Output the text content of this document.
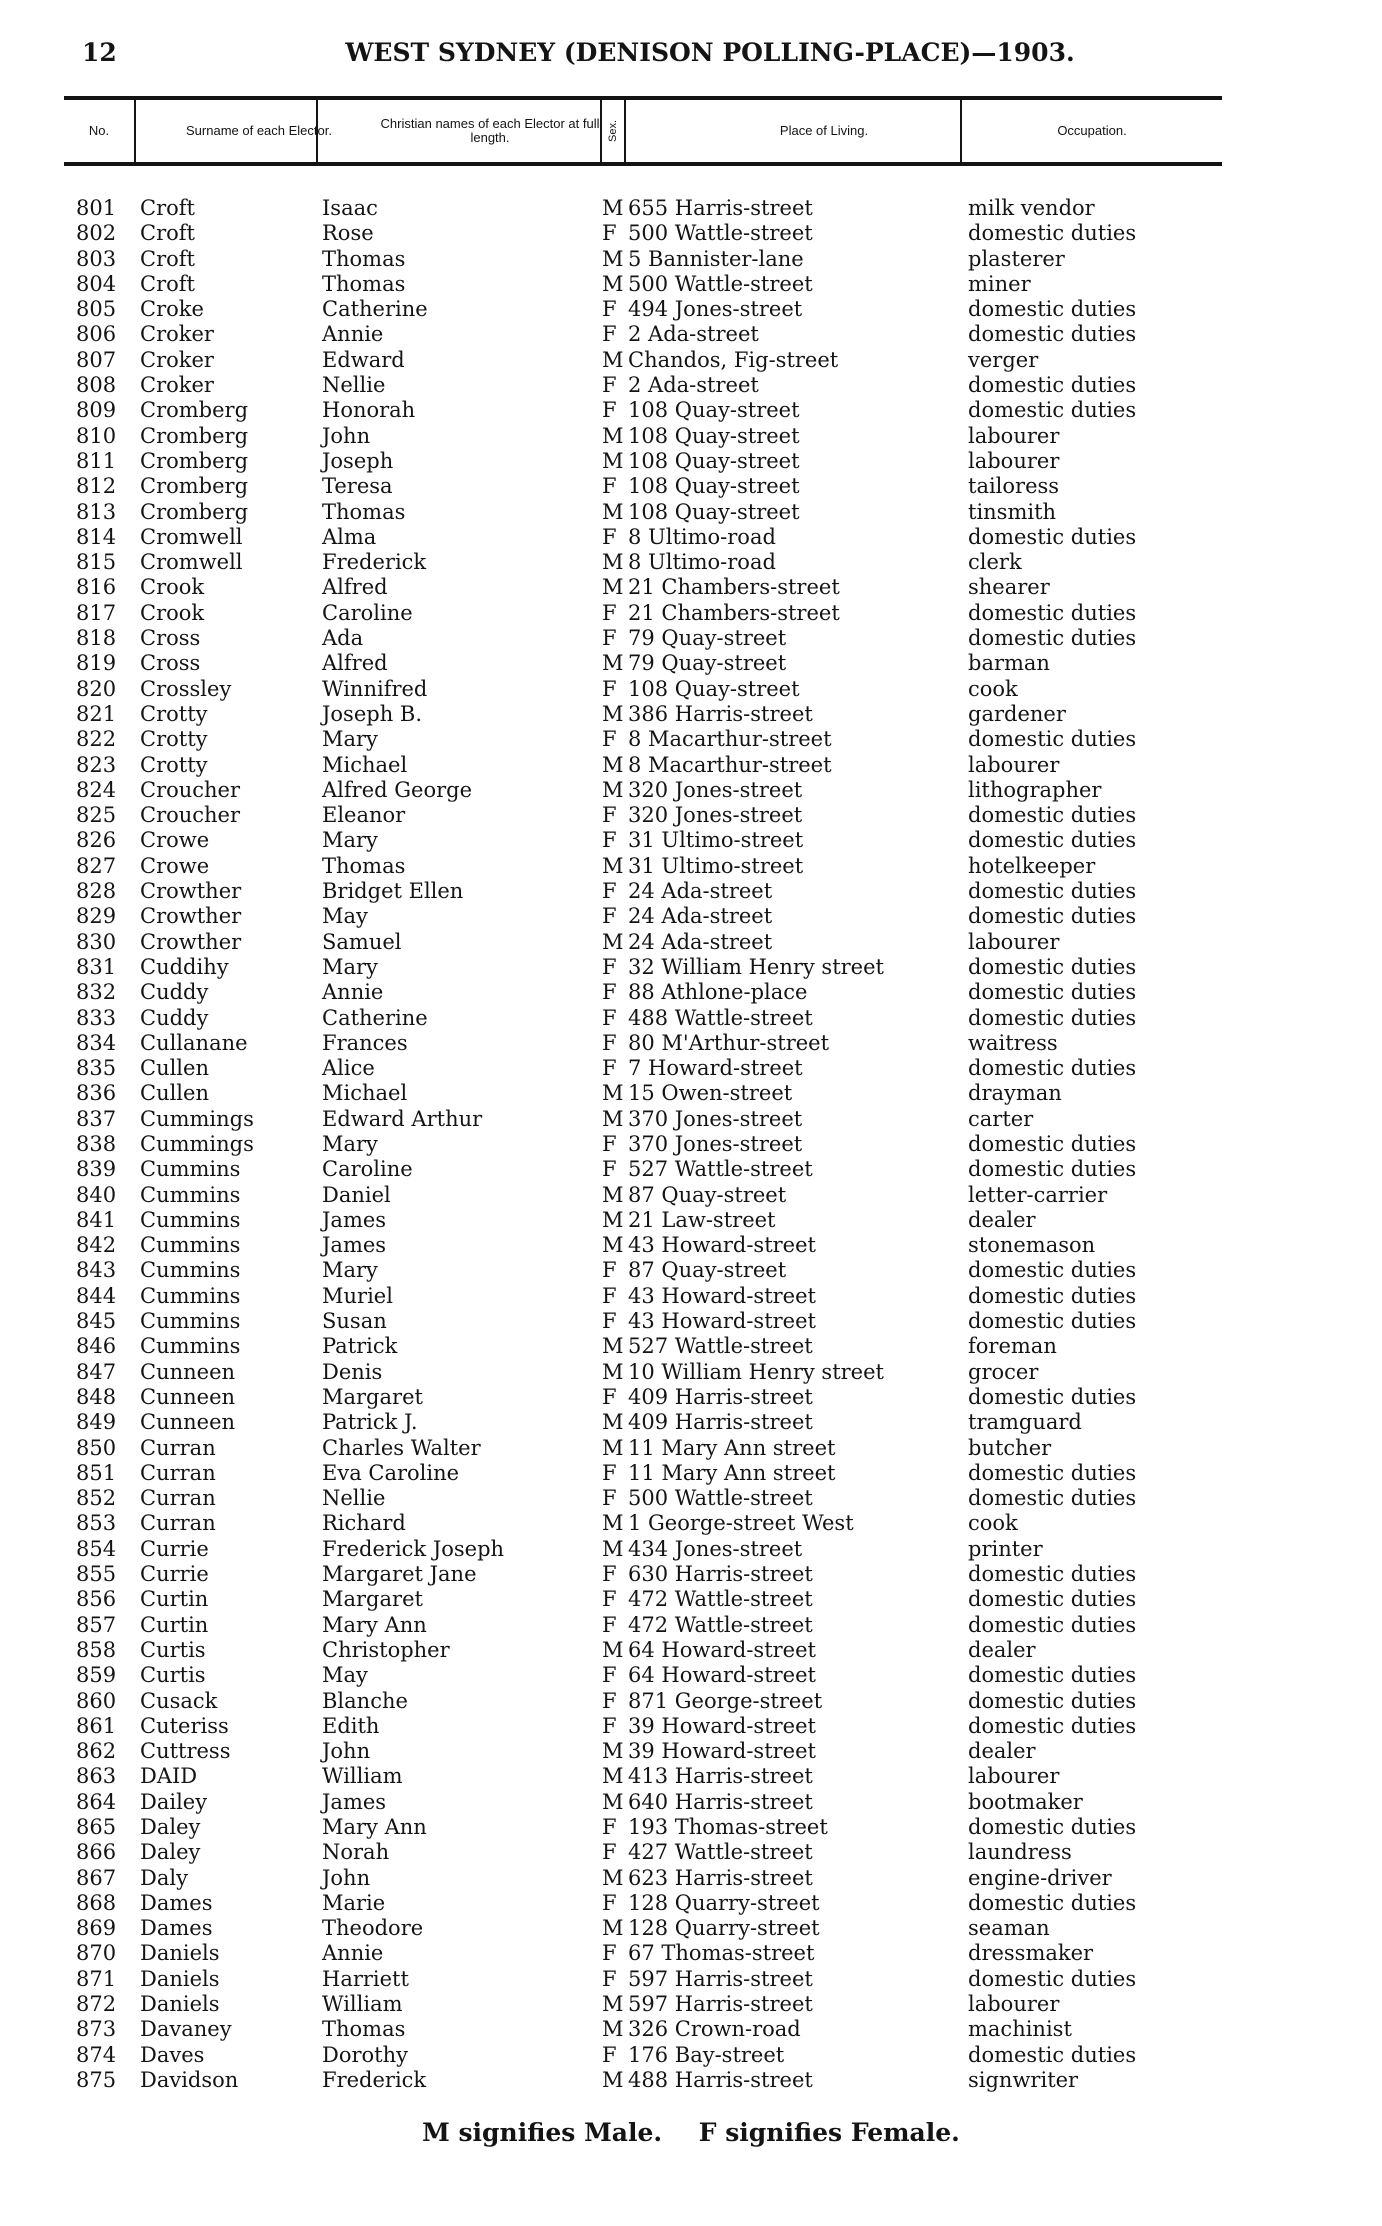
12	WEST SYDNEY (DENISON POLLING-PLACE)—1903.
No.	Surname of each Elector.	Christian names of each Elector at full length.	Sex.	Place of Living.	Occupation.
801 Croft	Isaac	M 655 Harris-street	milk vendor
802 Croft	Rose	F 500 Wattle-street	domestic duties
803 Croft	Thomas	M 5 Bannister-lane	plasterer
804 Croft	Thomas	M 500 Wattle-street	miner
805 Croke	Catherine	F 494 Jones-street	domestic duties
806 Croker	Annie	F 2 Ada-street	domestic duties
807 Croker	Edward	M Chandos, Fig-street	verger
808 Croker	Nellie	F 2 Ada-street	domestic duties
809 Cromberg	Honorah	F 108 Quay-street	domestic duties
810 Cromberg	John	M 108 Quay-street	labourer
811 Cromberg	Joseph	M 108 Quay-street	labourer
812 Cromberg	Teresa	F 108 Quay-street	tailoress
813 Cromberg	Thomas	M 108 Quay-street	tinsmith
814 Cromwell	Alma	F 8 Ultimo-road	domestic duties
815 Cromwell	Frederick	M 8 Ultimo-road	clerk
816 Crook	Alfred	M 21 Chambers-street	shearer
817 Crook	Caroline	F 21 Chambers-street	domestic duties
818 Cross	Ada	F 79 Quay-street	domestic duties
819 Cross	Alfred	M 79 Quay-street	barman
820 Crossley	Winnifred	F 108 Quay-street	cook
821 Crotty	Joseph B.	M 386 Harris-street	gardener
822 Crotty	Mary	F 8 Macarthur-street	domestic duties
823 Crotty	Michael	M 8 Macarthur-street	labourer
824 Croucher	Alfred George	M 320 Jones-street	lithographer
825 Croucher	Eleanor	F 320 Jones-street	domestic duties
826 Crowe	Mary	F 31 Ultimo-street	domestic duties
827 Crowe	Thomas	M 31 Ultimo-street	hotelkeeper
828 Crowther	Bridget Ellen	F 24 Ada-street	domestic duties
829 Crowther	May	F 24 Ada-street	domestic duties
830 Crowther	Samuel	M 24 Ada-street	labourer
831 Cuddihy	Mary	F 32 William Henry street	domestic duties
832 Cuddy	Annie	F 88 Athlone-place	domestic duties
833 Cuddy	Catherine	F 488 Wattle-street	domestic duties
834 Cullanane	Frances	F 80 M'Arthur-street	waitress
835 Cullen	Alice	F 7 Howard-street	domestic duties
836 Cullen	Michael	M 15 Owen-street	drayman
837 Cummings	Edward Arthur	M 370 Jones-street	carter
838 Cummings	Mary	F 370 Jones-street	domestic duties
839 Cummins	Caroline	F 527 Wattle-street	domestic duties
840 Cummins	Daniel	M 87 Quay-street	letter-carrier
841 Cummins	James	M 21 Law-street	dealer
842 Cummins	James	M 43 Howard-street	stonemason
843 Cummins	Mary	F 87 Quay-street	domestic duties
844 Cummins	Muriel	F 43 Howard-street	domestic duties
845 Cummins	Susan	F 43 Howard-street	domestic duties
846 Cummins	Patrick	M 527 Wattle-street	foreman
847 Cunneen	Denis	M 10 William Henry street	grocer
848 Cunneen	Margaret	F 409 Harris-street	domestic duties
849 Cunneen	Patrick J.	M 409 Harris-street	tramguard
850 Curran	Charles Walter	M 11 Mary Ann street	butcher
851 Curran	Eva Caroline	F 11 Mary Ann street	domestic duties
852 Curran	Nellie	F 500 Wattle-street	domestic duties
853 Curran	Richard	M 1 George-street West	cook
854 Currie	Frederick Joseph	M 434 Jones-street	printer
855 Currie	Margaret Jane	F 630 Harris-street	domestic duties
856 Curtin	Margaret	F 472 Wattle-street	domestic duties
857 Curtin	Mary Ann	F 472 Wattle-street	domestic duties
858 Curtis	Christopher	M 64 Howard-street	dealer
859 Curtis	May	F 64 Howard-street	domestic duties
860 Cusack	Blanche	F 871 George-street	domestic duties
861 Cuteriss	Edith	F 39 Howard-street	domestic duties
862 Cuttress	John	M 39 Howard-street	dealer
863 DAID	William	M 413 Harris-street	labourer
864 Dailey	James	M 640 Harris-street	bootmaker
865 Daley	Mary Ann	F 193 Thomas-street	domestic duties
866 Daley	Norah	F 427 Wattle-street	laundress
867 Daly	John	M 623 Harris-street	engine-driver
868 Dames	Marie	F 128 Quarry-street	domestic duties
869 Dames	Theodore	M 128 Quarry-street	seaman
870 Daniels	Annie	F 67 Thomas-street	dressmaker
871 Daniels	Harriett	F 597 Harris-street	domestic duties
872 Daniels	William	M 597 Harris-street	labourer
873 Davaney	Thomas	M 326 Crown-road	machinist
874 Daves	Dorothy	F 176 Bay-street	domestic duties
875 Davidson	Frederick	M 488 Harris-street	signwriter
M signifies Male. F signifies Female.
